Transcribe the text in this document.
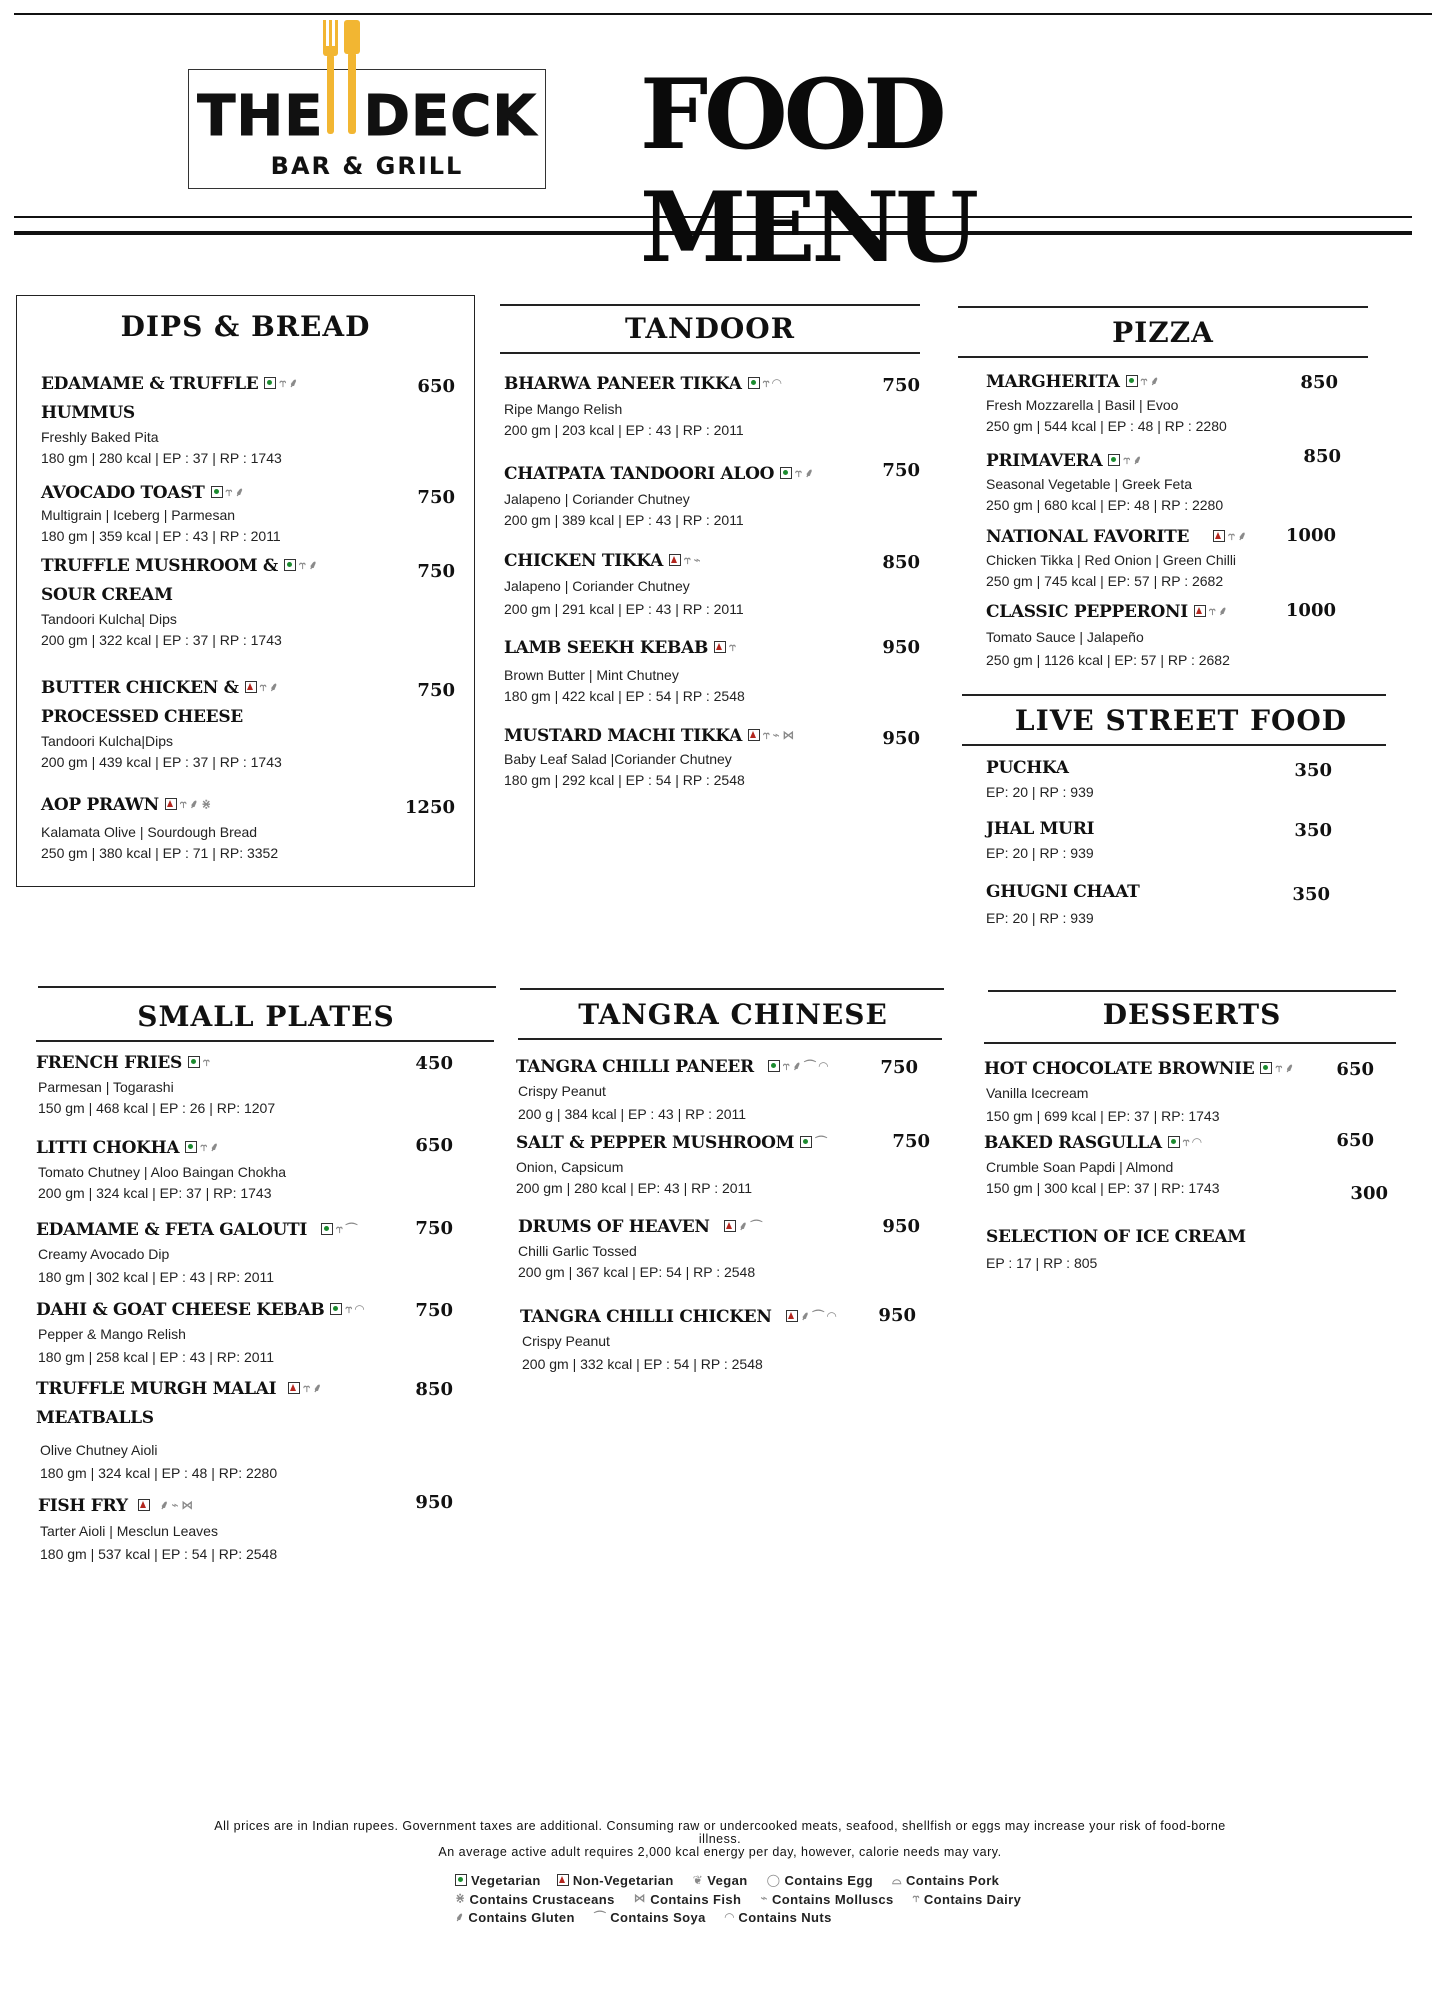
THE DECK
BAR & GRILL	FOOD MENU
DIPS & BREAD
EDAMAME & TRUFFLE ⥾ ⸙
HUMMUS
Freshly Baked Pita
180 gm | 280 kcal | EP : 37 | RP : 1743
650
AVOCADO TOAST ⥾ ⸙
Multigrain | Iceberg | Parmesan
180 gm | 359 kcal | EP : 43 | RP : 2011
750
TRUFFLE MUSHROOM & ⥾ ⸙
SOUR CREAM
Tandoori Kulcha| Dips
200 gm | 322 kcal | EP : 37 | RP : 1743
750
BUTTER CHICKEN & ⥾ ⸙
PROCESSED CHEESE
Tandoori Kulcha|Dips
200 gm | 439 kcal | EP : 37 | RP : 1743
750
AOP PRAWN ⥾ ⸙ ⋇
Kalamata Olive | Sourdough Bread
250 gm | 380 kcal | EP : 71 | RP: 3352
1250
TANDOOR
BHARWA PANEER TIKKA ⥾ ◠
Ripe Mango Relish
200 gm | 203 kcal | EP : 43 | RP : 2011
750
CHATPATA TANDOORI ALOO ⥾ ⸙
Jalapeno | Coriander Chutney
200 gm | 389 kcal | EP : 43 | RP : 2011
750
CHICKEN TIKKA ⥾ ⌁
Jalapeno | Coriander Chutney
200 gm | 291 kcal | EP : 43 | RP : 2011
850
LAMB SEEKH KEBAB ⥾
Brown Butter | Mint Chutney
180 gm | 422 kcal | EP : 54 | RP : 2548
950
MUSTARD MACHI TIKKA ⥾ ⌁ ⋈
Baby Leaf Salad |Coriander Chutney
180 gm | 292 kcal | EP : 54 | RP : 2548
950
PIZZA
MARGHERITA ⥾ ⸙
Fresh Mozzarella | Basil | Evoo
250 gm | 544 kcal | EP : 48 | RP : 2280
850
PRIMAVERA ⥾ ⸙
Seasonal Vegetable | Greek Feta
250 gm | 680 kcal | EP: 48 | RP : 2280
850
NATIONAL FAVORITE	⥾ ⸙
Chicken Tikka | Red Onion | Green Chilli
250 gm | 745 kcal | EP: 57 | RP : 2682
1000
CLASSIC PEPPERONI ⥾ ⸙
Tomato Sauce | Jalapeño
250 gm | 1126 kcal | EP: 57 | RP : 2682
1000
LIVE STREET FOOD
PUCHKA
EP: 20 | RP : 939
350
JHAL MURI
EP: 20 | RP : 939
350
GHUGNI CHAAT
EP: 20 | RP : 939
350
SMALL PLATES
FRENCH FRIES ⥾
Parmesan | Togarashi
150 gm | 468 kcal | EP : 26 | RP: 1207
450
LITTI CHOKHA ⥾ ⸙
Tomato Chutney | Aloo Baingan Chokha
200 gm | 324 kcal | EP: 37 | RP: 1743
650
EDAMAME & FETA GALOUTI ⥾ ⌒
Creamy Avocado Dip
180 gm | 302 kcal | EP : 43 | RP: 2011
750
DAHI & GOAT CHEESE KEBAB ⥾ ◠
Pepper & Mango Relish
180 gm | 258 kcal | EP : 43 | RP: 2011
750
TRUFFLE MURGH MALAI ⥾ ⸙
MEATBALLS
Olive Chutney Aioli
180 gm | 324 kcal | EP : 48 | RP: 2280
850
FISH FRY	⸙ ⌁ ⋈
Tarter Aioli | Mesclun Leaves
180 gm | 537 kcal | EP : 54 | RP: 2548
950
TANGRA CHINESE
TANGRA CHILLI PANEER ⥾ ⸙ ⌒ ◠
Crispy Peanut
200 g | 384 kcal | EP : 43 | RP : 2011
750
SALT & PEPPER MUSHROOM ⌒
Onion, Capsicum
200 gm | 280 kcal | EP: 43 | RP : 2011
750
DRUMS OF HEAVEN ⸙ ⌒
Chilli Garlic Tossed
200 gm | 367 kcal | EP: 54 | RP : 2548
950
TANGRA CHILLI CHICKEN ⸙ ⌒ ◠
Crispy Peanut
200 gm | 332 kcal | EP : 54 | RP : 2548
950
DESSERTS
HOT CHOCOLATE BROWNIE ⥾ ⸙
Vanilla Icecream
150 gm | 699 kcal | EP: 37 | RP: 1743
650
BAKED RASGULLA ⥾ ◠
Crumble Soan Papdi | Almond
150 gm | 300 kcal | EP: 37 | RP: 1743
650
SELECTION OF ICE CREAM
EP : 17 | RP : 805
300
All prices are in Indian rupees. Government taxes are additional. Consuming raw or undercooked meats, seafood, shellfish or eggs may increase your risk of food-borne
illness.
An average active adult requires 2,000 kcal energy per day, however, calorie needs may vary.
Vegetarian Non-Vegetarian ❦ Vegan ◯ Contains Egg ⌓ Contains Pork
⋇ Contains Crustaceans ⋈ Contains Fish ⌁ Contains Molluscs ⥾ Contains Dairy
⸙ Contains Gluten ⌒ Contains Soya ◠ Contains Nuts
